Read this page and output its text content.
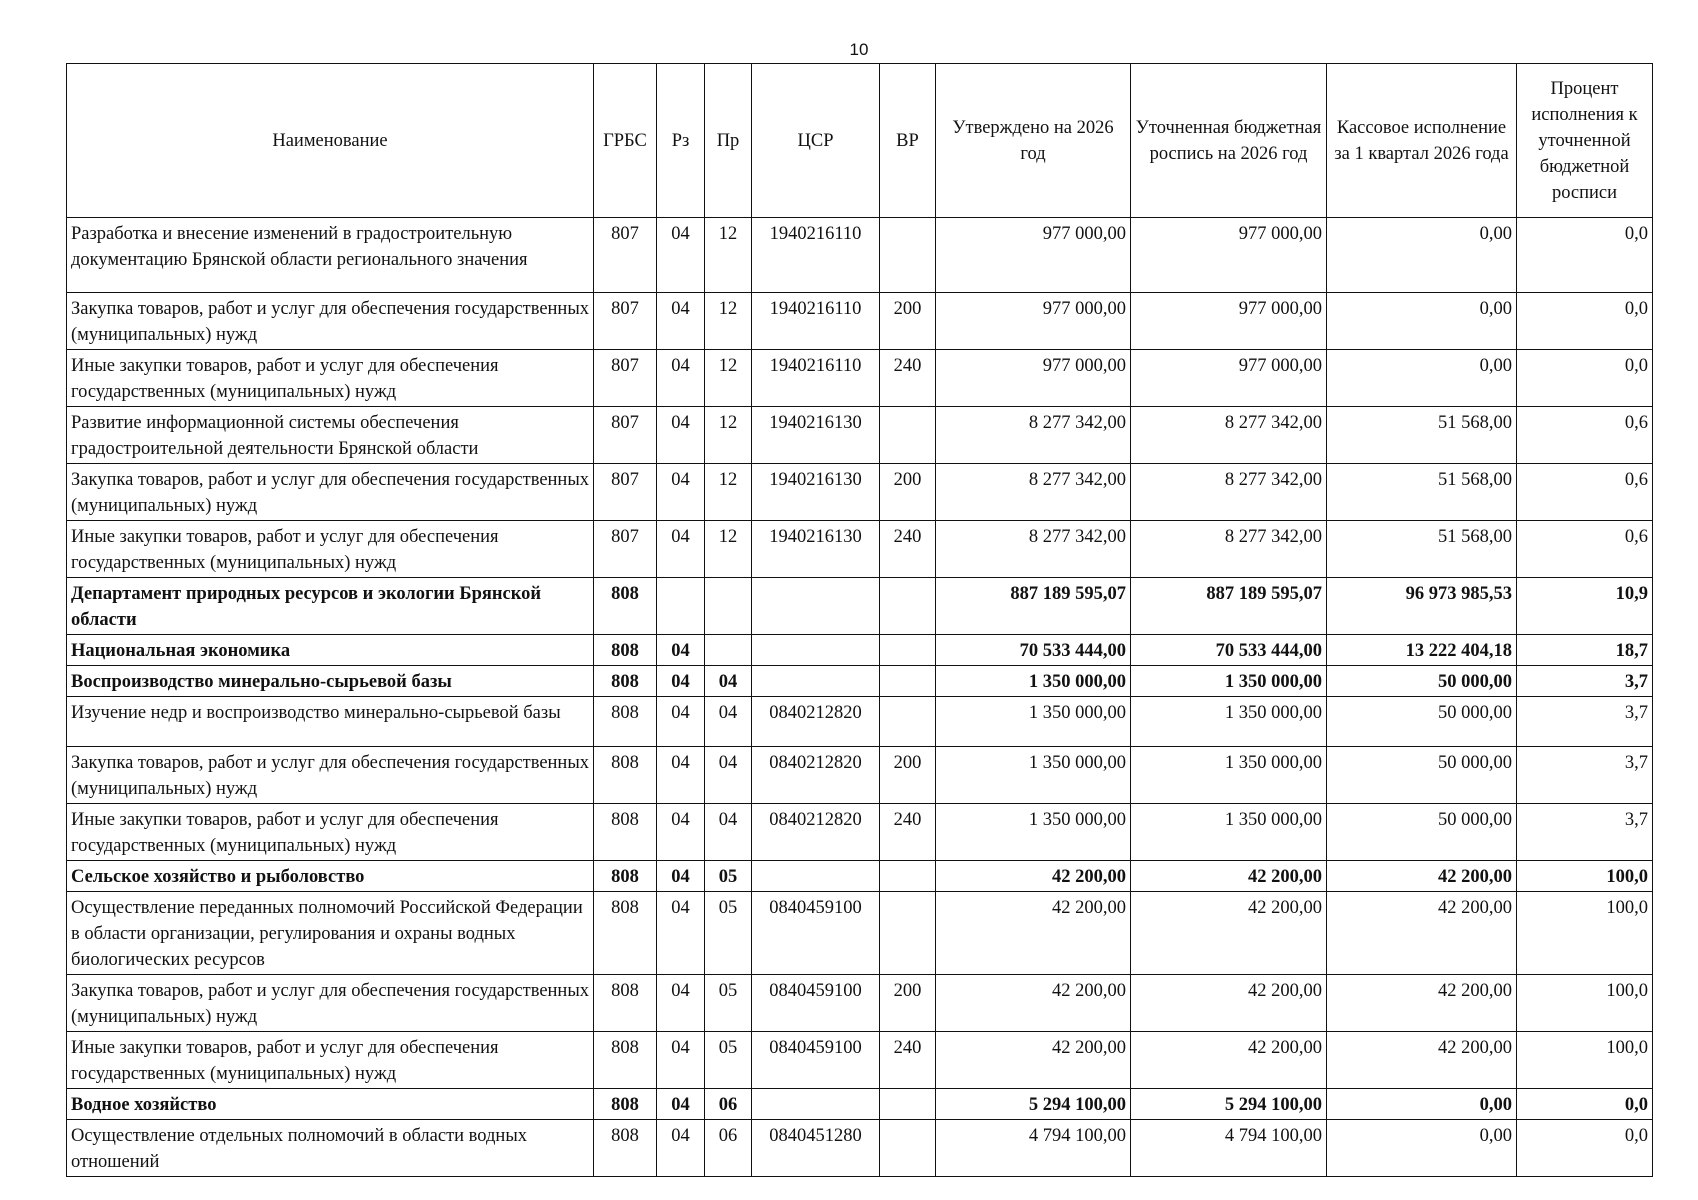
10
Наименование	ГРБС	Рз	Пр	ЦСР	ВР	Утверждено на 2026 год	Уточненная бюджетная роспись на 2026 год	Кассовое исполнение за 1 квартал 2026 года	Процент исполнения к уточненной бюджетной росписи
Разработка и внесение изменений в градостроительную документацию Брянской области регионального значения	807	04	12	1940216110		977 000,00	977 000,00	0,00	0,0
Закупка товаров, работ и услуг для обеспечения государственных (муниципальных) нужд	807	04	12	1940216110	200	977 000,00	977 000,00	0,00	0,0
Иные закупки товаров, работ и услуг для обеспечения государственных (муниципальных) нужд	807	04	12	1940216110	240	977 000,00	977 000,00	0,00	0,0
Развитие информационной системы обеспечения градостроительной деятельности Брянской области	807	04	12	1940216130		8 277 342,00	8 277 342,00	51 568,00	0,6
Закупка товаров, работ и услуг для обеспечения государственных (муниципальных) нужд	807	04	12	1940216130	200	8 277 342,00	8 277 342,00	51 568,00	0,6
Иные закупки товаров, работ и услуг для обеспечения государственных (муниципальных) нужд	807	04	12	1940216130	240	8 277 342,00	8 277 342,00	51 568,00	0,6
Департамент природных ресурсов и экологии Брянской области	808					887 189 595,07	887 189 595,07	96 973 985,53	10,9
Национальная экономика	808	04				70 533 444,00	70 533 444,00	13 222 404,18	18,7
Воспроизводство минерально-сырьевой базы	808	04	04			1 350 000,00	1 350 000,00	50 000,00	3,7
Изучение недр и воспроизводство минерально-сырьевой базы	808	04	04	0840212820		1 350 000,00	1 350 000,00	50 000,00	3,7
Закупка товаров, работ и услуг для обеспечения государственных (муниципальных) нужд	808	04	04	0840212820	200	1 350 000,00	1 350 000,00	50 000,00	3,7
Иные закупки товаров, работ и услуг для обеспечения государственных (муниципальных) нужд	808	04	04	0840212820	240	1 350 000,00	1 350 000,00	50 000,00	3,7
Сельское хозяйство и рыболовство	808	04	05			42 200,00	42 200,00	42 200,00	100,0
Осуществление переданных полномочий Российской Федерации в области организации, регулирования и охраны водных биологических ресурсов	808	04	05	0840459100		42 200,00	42 200,00	42 200,00	100,0
Закупка товаров, работ и услуг для обеспечения государственных (муниципальных) нужд	808	04	05	0840459100	200	42 200,00	42 200,00	42 200,00	100,0
Иные закупки товаров, работ и услуг для обеспечения государственных (муниципальных) нужд	808	04	05	0840459100	240	42 200,00	42 200,00	42 200,00	100,0
Водное хозяйство	808	04	06			5 294 100,00	5 294 100,00	0,00	0,0
Осуществление отдельных полномочий в области водных отношений	808	04	06	0840451280		4 794 100,00	4 794 100,00	0,00	0,0
